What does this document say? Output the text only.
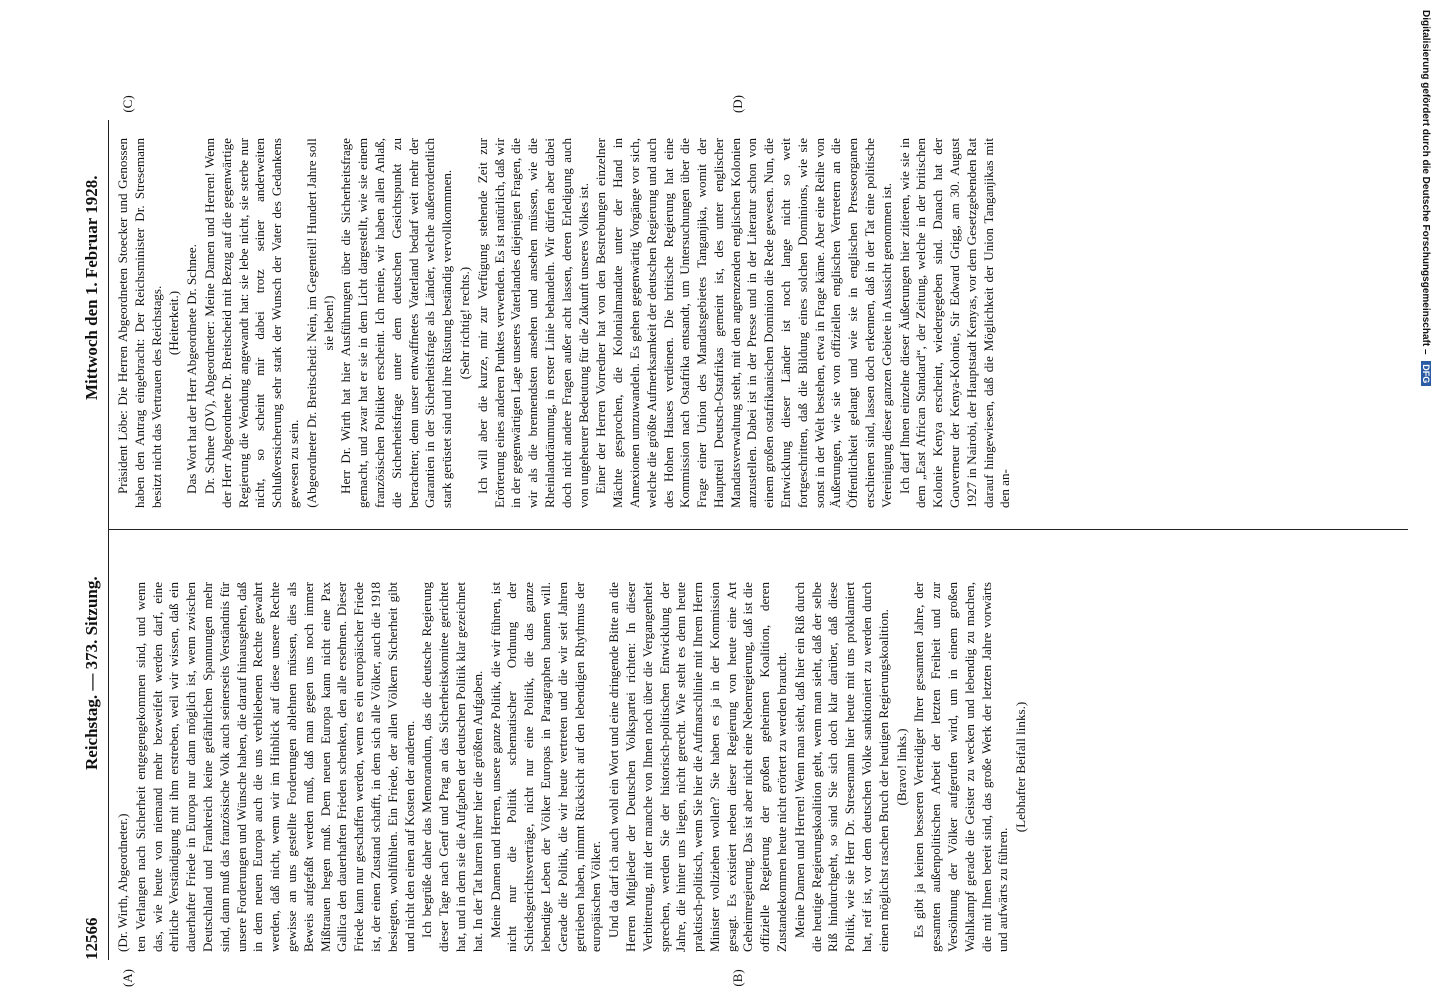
12566
Reichstag. — 373. Sitzung.
Mittwoch den 1. Februar 1928.
(A)	(B)
(C)	(D)

(Dr. Wirth, Abgeordneter.) ten Verlangen nach Sicherheit entgegengekommen sind, und wenn das, wie heute von niemand mehr bezweifelt werden darf, eine ehrliche Verständigung mit ihm erstreben, weil wir wissen, daß ein dauerhafter Friede in Europa nur dann möglich ist, wenn zwischen Deutschland und Frankreich keine gefährlichen Spannungen mehr sind, dann muß das französische Volk auch seinerseits Verständnis für unsere Forderungen und Wünsche haben, die darauf hinausgehen, daß in dem neuen Europa auch die uns verbliebenen Rechte gewahrt werden, daß nicht, wenn wir im Hinblick auf diese unsere Rechte gewisse an uns gestellte Forderungen ablehnen müssen, dies als Beweis aufgefaßt werden muß, daß man gegen uns noch immer Mißtrauen hegen muß. Dem neuen Europa kann nicht eine Pax Gallica den dauerhaften Frieden schenken, den alle ersehnen. Dieser Friede kann nur geschaffen werden, wenn es ein europäischer Friede ist, der einen Zustand schafft, in dem sich alle Völker, auch die 1918 besiegten, wohlfühlen. Ein Friede, der allen Völkern Sicherheit gibt und nicht den einen auf Kosten der anderen. Ich begrüße daher das Memorandum, das die deutsche Regierung dieser Tage nach Genf und Prag an das Sicherheitskomitee gerichtet hat, und in dem sie die Aufgaben der deutschen Politik klar gezeichnet hat. In der Tat harren ihrer hier die größten Aufgaben. Meine Damen und Herren, unsere ganze Politik, die wir führen, ist nicht nur die Politik schematischer Ordnung der Schiedsgerichtsverträge, nicht nur eine Politik, die das ganze lebendige Leben der Völker Europas in Paragraphen bannen will. Gerade die Politik, die wir heute vertreten und die wir seit Jahren getrieben haben, nimmt Rücksicht auf den lebendigen Rhythmus der europäischen Völker. Und da darf ich auch wohl ein Wort und eine dringende Bitte an die Herren Mitglieder der Deutschen Volkspartei richten: In dieser Verbitterung, mit der manche von Ihnen noch über die Vergangenheit sprechen, werden Sie der historisch-politischen Entwicklung der Jahre, die hinter uns liegen, nicht gerecht. Wie steht es denn heute praktisch-politisch, wenn Sie hier die Aufmarschlinie mit Ihrem Herrn Minister vollziehen wollen? Sie haben es ja in der Kommission gesagt. Es existiert neben dieser Regierung von heute eine Art Geheimregierung. Das ist aber nicht eine Nebenregierung, daß ist die offizielle Regierung der großen geheimen Koalition, deren Zustandekommen heute nicht erörtert zu werden braucht. Meine Damen und Herren! Wenn man sieht, daß hier ein Riß durch die heutige Regierungskoalition geht, wenn man sieht, daß der selbe Riß hindurchgeht, so sind Sie sich doch klar darüber, daß diese Politik, wie sie Herr Dr. Stresemann hier heute mit uns proklamiert hat, reif ist, vor dem deutschen Volke sanktioniert zu werden durch einen möglichst raschen Bruch der heutigen Regierungskoalition. (Bravo! links.) Es gibt ja keinen besseren Verteidiger Ihrer gesamten Jahre, der gesamten außenpolitischen Arbeit der letzten Freiheit und zur Versöhnung der Völker aufgerufen wird, um in einem großen Wahlkampf gerade die Geister zu wecken und lebendig zu machen, die mit Ihnen bereit sind, das große Werk der letzten Jahre vorwärts und aufwärts zu führen.

(Lebhafter Beifall links.)

Präsident Löbe: Die Herren Abgeordneten Stoecker und Genossen haben den Antrag eingebracht: Der Reichsminister Dr. Stresemann besitzt nicht das Vertrauen des Reichstags. (Heiterkeit.) Das Wort hat der Herr Abgeordnete Dr. Schnee. Dr. Schnee (DV), Abgeordneter: Meine Damen und Herren! Wenn der Herr Abgeordnete Dr. Breitscheid mit Bezug auf die gegenwärtige Regierung die Wendung angewandt hat: sie lebe nicht, sie sterbe nur nicht, so scheint mir dabei trotz seiner anderweiten Schlußversicherung sehr stark der Wunsch der Vater des Gedankens gewesen zu sein. (Abgeordneter Dr. Breitscheid: Nein, im Gegenteil! Hundert Jahre soll sie leben!) Herr Dr. Wirth hat hier Ausführungen über die Sicherheitsfrage gemacht, und zwar hat er sie in dem Licht dargestellt, wie sie einem französischen Politiker erscheint. Ich meine, wir haben allen Anlaß, die Sicherheitsfrage unter dem deutschen Gesichtspunkt zu betrachten; denn unser entwaffnetes Vaterland bedarf weit mehr der Garantien in der Sicherheitsfrage als Länder, welche außerordentlich stark gerüstet sind und ihre Rüstung beständig vervollkommnen. (Sehr richtig! rechts.) Ich will aber die kurze, mir zur Verfügung stehende Zeit zur Erörterung eines anderen Punktes verwenden. Es ist natürlich, daß wir in der gegenwärtigen Lage unseres Vaterlandes diejenigen Fragen, die wir als die brennendsten ansehen und ansehen müssen, wie die Rheinlandräumung, in erster Linie behandeln. Wir dürfen aber dabei doch nicht andere Fragen außer acht lassen, deren Erledigung auch von ungeheurer Bedeutung für die Zukunft unseres Volkes ist. Einer der Herren Vorredner hat von den Bestrebungen einzelner Mächte gesprochen, die Kolonialmandate unter der Hand in Annexionen umzuwandeln. Es gehen gegenwärtig Vorgänge vor sich, welche die größte Aufmerksamkeit der deutschen Regierung und auch des Hohen Hauses verdienen. Die britische Regierung hat eine Kommission nach Ostafrika entsandt, um Untersuchungen über die Frage einer Union des Mandatsgebietes Tanganjika, womit der Hauptteil Deutsch-Ostafrikas gemeint ist, des unter englischer Mandatsverwaltung steht, mit den angrenzenden englischen Kolonien anzustellen. Dabei ist in der Presse und in der Literatur schon von einem großen ostafrikanischen Dominion die Rede gewesen. Nun, die Entwicklung dieser Länder ist noch lange nicht so weit fortgeschritten, daß die Bildung eines solchen Dominions, wie sie sonst in der Welt bestehen, etwa in Frage käme. Aber eine Reihe von Äußerungen, wie sie von offiziellen englischen Vertretern an die Öffentlichkeit gelangt und wie sie in englischen Presseorganen erschienen sind, lassen doch erkennen, daß in der Tat eine politische Vereinigung dieser ganzen Gebiete in Aussicht genommen ist. Ich darf Ihnen einzelne dieser Äußerungen hier zitieren, wie sie in dem „East African Standard“, der Zeitung, welche in der britischen Kolonie Kenya erscheint, wiedergegeben sind. Danach hat der Gouverneur der Kenya-Kolonie, Sir Edward Grigg, am 30. August 1927 in Nairobi, der Hauptstadt Kenyas, vor dem Gesetzgebenden Rat darauf hingewiesen, daß die Möglichkeit der Union Tanganjikas mit den an-

Digitalisierung gefördert durch die Deutsche Forschungsgemeinschaft – DFG
